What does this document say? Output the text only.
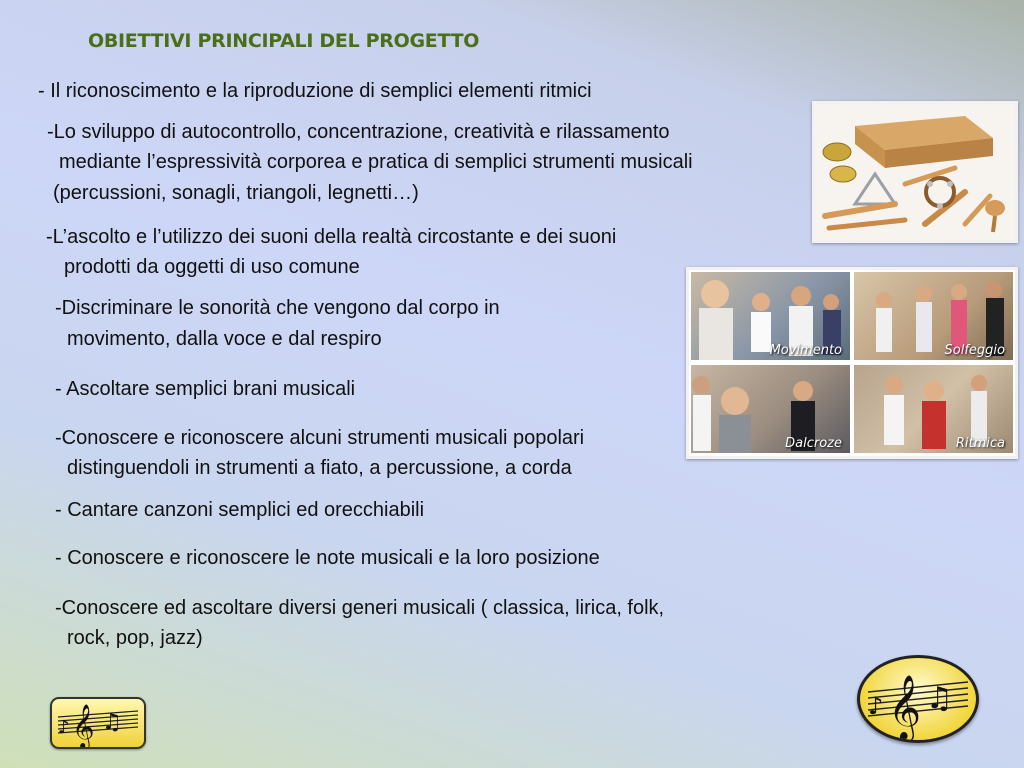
OBIETTIVI PRINCIPALI DEL PROGETTO
- Il riconoscimento e la riproduzione di semplici elementi ritmici
-Lo sviluppo di autocontrollo, concentrazione, creatività e rilassamento
mediante l’espressività corporea e pratica di semplici strumenti musicali
(percussioni, sonagli, triangoli, legnetti…)
-L’ascolto e l’utilizzo dei suoni della realtà circostante e dei suoni
prodotti da oggetti di uso comune
-Discriminare le sonorità che vengono dal corpo in
movimento, dalla voce e dal respiro
- Ascoltare semplici brani musicali
-Conoscere e riconoscere alcuni strumenti musicali popolari
distinguendoli in strumenti a fiato, a percussione, a corda
- Cantare canzoni semplici ed orecchiabili
- Conoscere e riconoscere le note musicali e la loro posizione
-Conoscere ed ascoltare diversi generi musicali ( classica, lirica, folk,
rock, pop, jazz)
Movimento	Solfeggio
Dalcroze	Ritmica
𝄞 ♫
♪	𝄞 ♫
♪
